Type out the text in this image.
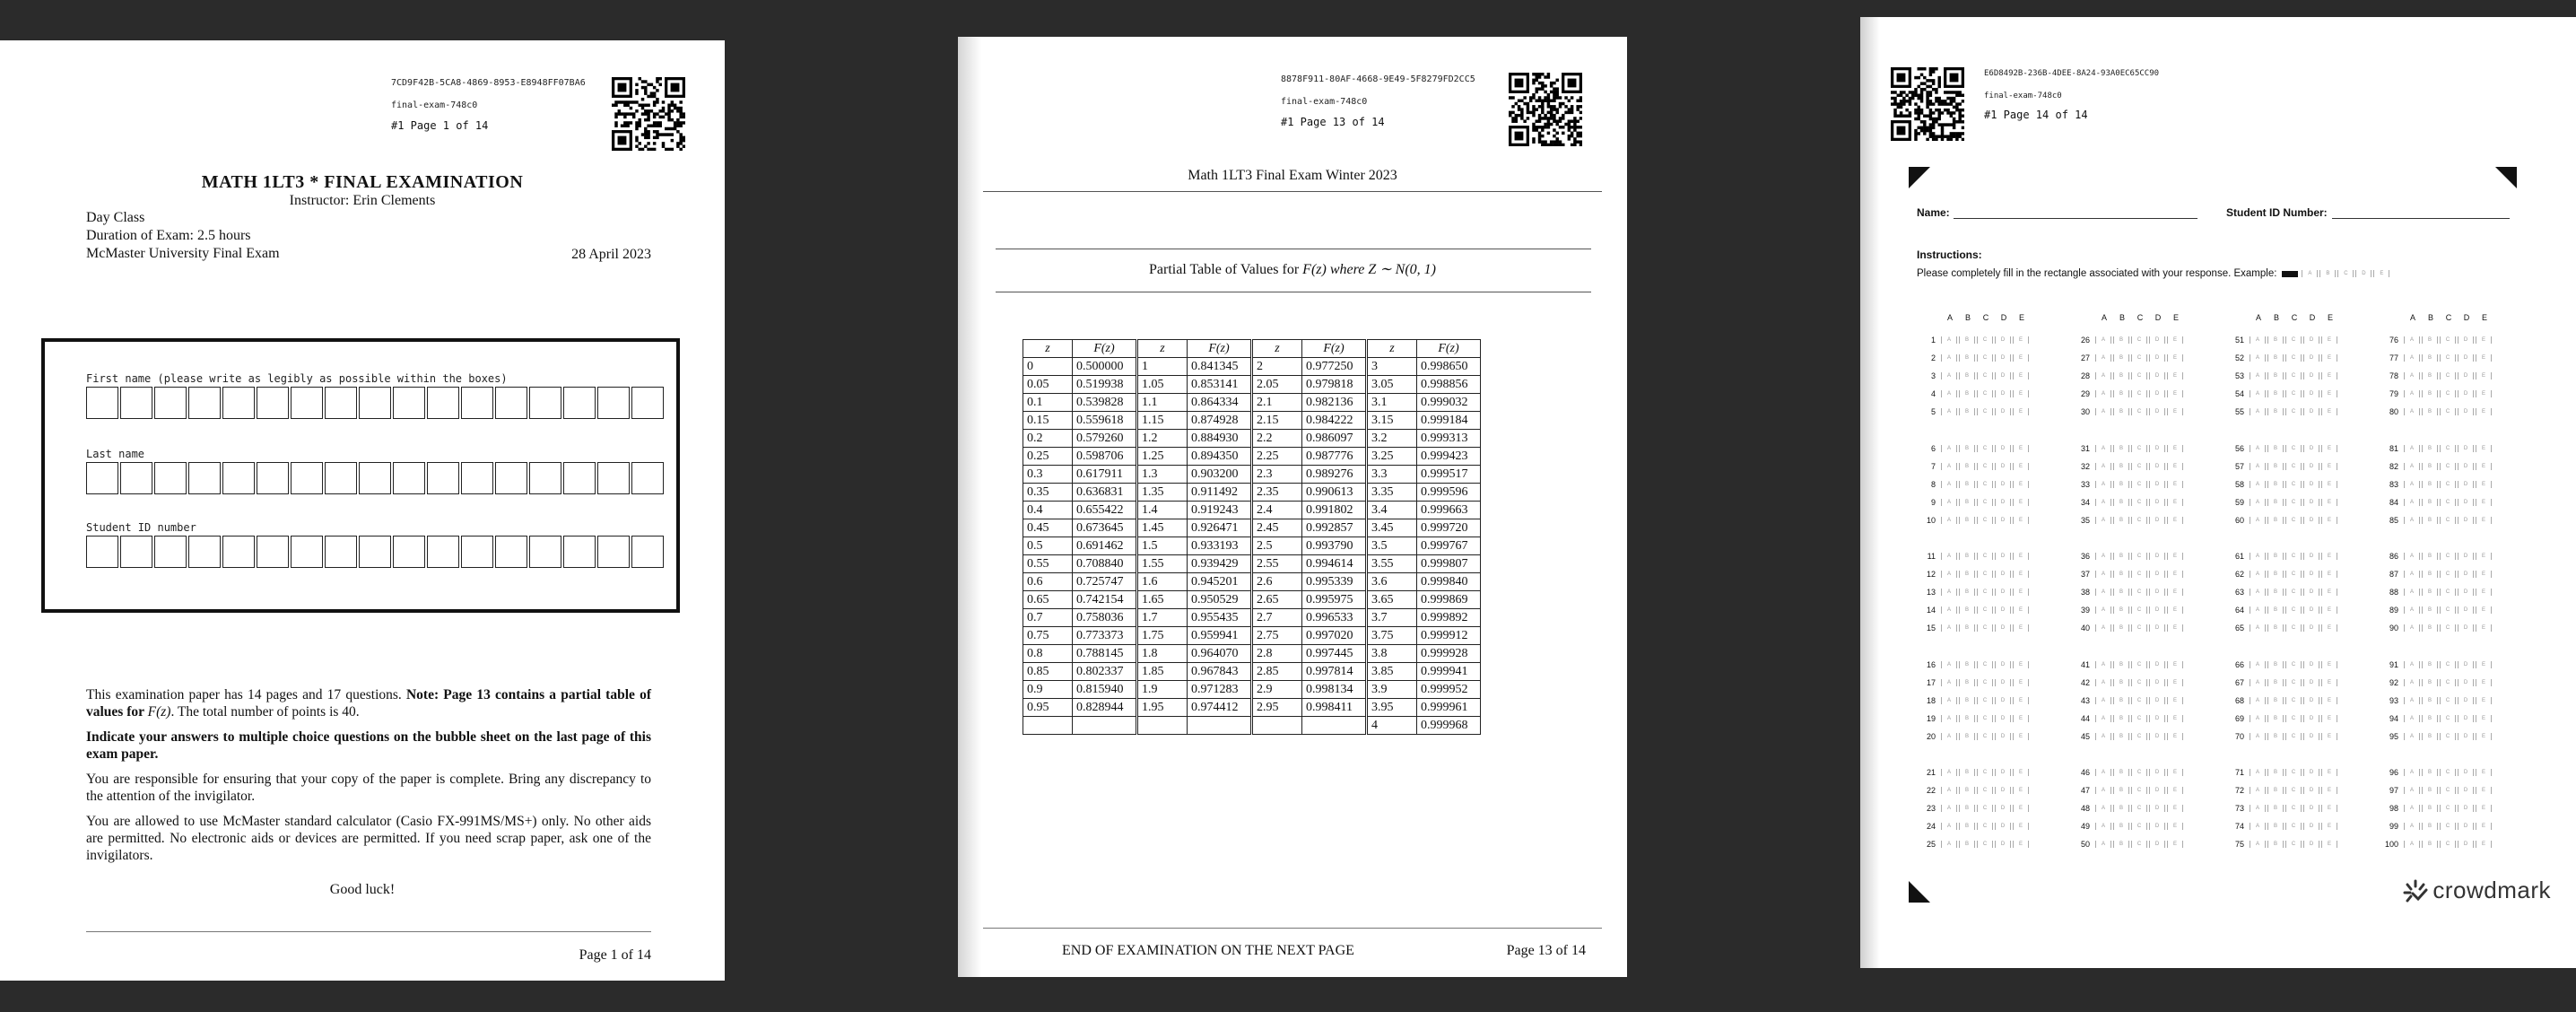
7CD9F42B-5CA8-4869-8953-E8948FF07BA6
final-exam-748c0
#1 Page 1 of 14
MATH 1LT3 * FINAL EXAMINATION
Instructor: Erin Clements
Day Class
Duration of Exam: 2.5 hours
McMaster University Final Exam	28 April 2023
First name (please write as legibly as possible within the boxes)
Last name
Student ID number
This examination paper has 14 pages and 17 questions. Note: Page 13 contains a partial table of values for F(z). The total number of points is 40.
Indicate your answers to multiple choice questions on the bubble sheet on the last page of this exam paper.
You are responsible for ensuring that your copy of the paper is complete. Bring any discrepancy to the attention of the invigilator.
You are allowed to use McMaster standard calculator (Casio FX-991MS/MS+) only. No other aids are permitted. No electronic aids or devices are permitted. If you need scrap paper, ask one of the invigilators.
Good luck!
Page 1 of 14
8878F911-80AF-4668-9E49-5F8279FD2CC5
final-exam-748c0
#1 Page 13 of 14
Math 1LT3 Final Exam Winter 2023
Partial Table of Values for F(z) where Z ∼ N(0, 1)
z	F(z)		z	F(z)		z	F(z)		z	F(z)
0	0.500000		1	0.841345		2	0.977250		3	0.998650
0.05	0.519938		1.05	0.853141		2.05	0.979818		3.05	0.998856
0.1	0.539828		1.1	0.864334		2.1	0.982136		3.1	0.999032
0.15	0.559618		1.15	0.874928		2.15	0.984222		3.15	0.999184
0.2	0.579260		1.2	0.884930		2.2	0.986097		3.2	0.999313
0.25	0.598706		1.25	0.894350		2.25	0.987776		3.25	0.999423
0.3	0.617911		1.3	0.903200		2.3	0.989276		3.3	0.999517
0.35	0.636831		1.35	0.911492		2.35	0.990613		3.35	0.999596
0.4	0.655422		1.4	0.919243		2.4	0.991802		3.4	0.999663
0.45	0.673645		1.45	0.926471		2.45	0.992857		3.45	0.999720
0.5	0.691462		1.5	0.933193		2.5	0.993790		3.5	0.999767
0.55	0.708840		1.55	0.939429		2.55	0.994614		3.55	0.999807
0.6	0.725747		1.6	0.945201		2.6	0.995339		3.6	0.999840
0.65	0.742154		1.65	0.950529		2.65	0.995975		3.65	0.999869
0.7	0.758036		1.7	0.955435		2.7	0.996533		3.7	0.999892
0.75	0.773373		1.75	0.959941		2.75	0.997020		3.75	0.999912
0.8	0.788145		1.8	0.964070		2.8	0.997445		3.8	0.999928
0.85	0.802337		1.85	0.967843		2.85	0.997814		3.85	0.999941
0.9	0.815940		1.9	0.971283		2.9	0.998134		3.9	0.999952
0.95	0.828944		1.95	0.974412		2.95	0.998411		3.95	0.999961
									4	0.999968
END OF EXAMINATION ON THE NEXT PAGE	Page 13 of 14
E6D8492B-236B-4DEE-8A24-93A0EC65CC90
final-exam-748c0
#1 Page 14 of 14
Name:	Student ID Number:
Instructions:
Please completely fill in the rectangle associated with your response. Example:	A	B	C	D	E
A	B	C	D	E
1	A	B	C	D	E
2	A	B	C	D	E
3	A	B	C	D	E
4	A	B	C	D	E
5	A	B	C	D	E
6	A	B	C	D	E
7	A	B	C	D	E
8	A	B	C	D	E
9	A	B	C	D	E
10	A	B	C	D	E
11	A	B	C	D	E
12	A	B	C	D	E
13	A	B	C	D	E
14	A	B	C	D	E
15	A	B	C	D	E
16	A	B	C	D	E
17	A	B	C	D	E
18	A	B	C	D	E
19	A	B	C	D	E
20	A	B	C	D	E
21	A	B	C	D	E
22	A	B	C	D	E
23	A	B	C	D	E
24	A	B	C	D	E
25	A	B	C	D	E
A	B	C	D	E
26	A	B	C	D	E
27	A	B	C	D	E
28	A	B	C	D	E
29	A	B	C	D	E
30	A	B	C	D	E
31	A	B	C	D	E
32	A	B	C	D	E
33	A	B	C	D	E
34	A	B	C	D	E
35	A	B	C	D	E
36	A	B	C	D	E
37	A	B	C	D	E
38	A	B	C	D	E
39	A	B	C	D	E
40	A	B	C	D	E
41	A	B	C	D	E
42	A	B	C	D	E
43	A	B	C	D	E
44	A	B	C	D	E
45	A	B	C	D	E
46	A	B	C	D	E
47	A	B	C	D	E
48	A	B	C	D	E
49	A	B	C	D	E
50	A	B	C	D	E
A	B	C	D	E
51	A	B	C	D	E
52	A	B	C	D	E
53	A	B	C	D	E
54	A	B	C	D	E
55	A	B	C	D	E
56	A	B	C	D	E
57	A	B	C	D	E
58	A	B	C	D	E
59	A	B	C	D	E
60	A	B	C	D	E
61	A	B	C	D	E
62	A	B	C	D	E
63	A	B	C	D	E
64	A	B	C	D	E
65	A	B	C	D	E
66	A	B	C	D	E
67	A	B	C	D	E
68	A	B	C	D	E
69	A	B	C	D	E
70	A	B	C	D	E
71	A	B	C	D	E
72	A	B	C	D	E
73	A	B	C	D	E
74	A	B	C	D	E
75	A	B	C	D	E
A	B	C	D	E
76	A	B	C	D	E
77	A	B	C	D	E
78	A	B	C	D	E
79	A	B	C	D	E
80	A	B	C	D	E
81	A	B	C	D	E
82	A	B	C	D	E
83	A	B	C	D	E
84	A	B	C	D	E
85	A	B	C	D	E
86	A	B	C	D	E
87	A	B	C	D	E
88	A	B	C	D	E
89	A	B	C	D	E
90	A	B	C	D	E
91	A	B	C	D	E
92	A	B	C	D	E
93	A	B	C	D	E
94	A	B	C	D	E
95	A	B	C	D	E
96	A	B	C	D	E
97	A	B	C	D	E
98	A	B	C	D	E
99	A	B	C	D	E
100	A	B	C	D	E
crowdmark
